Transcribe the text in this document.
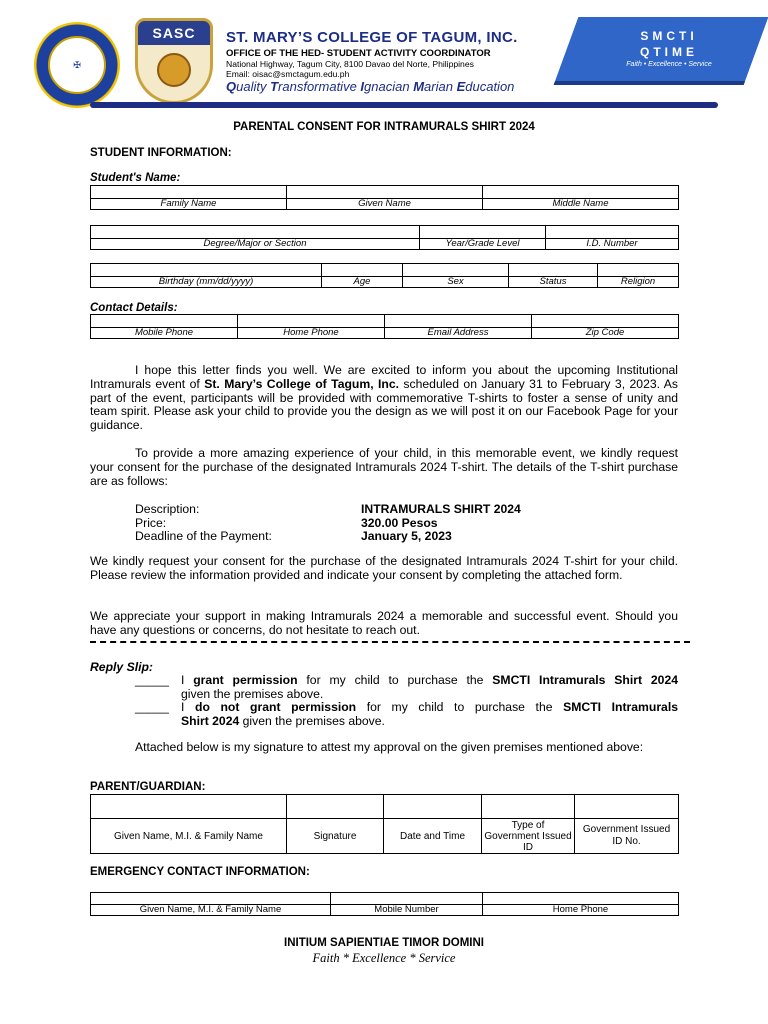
✠
SASC ST. MARY’S COLLEGE OF TAGUM, INC.
OFFICE OF THE HED- STUDENT ACTIVITY COORDINATOR
National Highway, Tagum City, 8100 Davao del Norte, Philippines
Email: oisac@smctagum.edu.ph
Quality Transformative Ignacian Marian Education
SMCTI
QTIME
Faith • Excellence • Service
PARENTAL CONSENT FOR INTRAMURALS SHIRT 2024
STUDENT INFORMATION:
Student's Name:

Family Name	Given Name	Middle Name

Degree/Major or Section	Year/Grade Level	I.D. Number

Birthday (mm/dd/yyyy)	Age	Sex	Status	Religion
Contact Details:

Mobile Phone	Home Phone	Email Address	Zip Code
I hope this letter finds you well. We are excited to inform you about the upcoming Institutional Intramurals event of St. Mary’s College of Tagum, Inc. scheduled on January 31 to February 3, 2023. As part of the event, participants will be provided with commemorative T-shirts to foster a sense of unity and team spirit. Please ask your child to provide you the design as we will post it on our Facebook Page for your guidance.
To provide a more amazing experience of your child, in this memorable event, we kindly request your consent for the purchase of the designated Intramurals 2024 T-shirt. The details of the T-shirt purchase are as follows:
Description:	INTRAMURALS SHIRT 2024
Price:	320.00 Pesos
Deadline of the Payment:	January 5, 2023
We kindly request your consent for the purchase of the designated Intramurals 2024 T-shirt for your child. Please review the information provided and indicate your consent by completing the attached form.
We appreciate your support in making Intramurals 2024 a memorable and successful event. Should you have any questions or concerns, do not hesitate to reach out.
Reply Slip:
_____ I grant permission for my child to purchase the SMCTI Intramurals Shirt 2024
given the premises above.
_____ I do not grant permission for my child to purchase the SMCTI Intramurals
Shirt 2024 given the premises above.
Attached below is my signature to attest my approval on the given premises mentioned above:
PARENT/GUARDIAN:

Given Name, M.I. & Family Name	Signature	Date and Time	Type of Government Issued ID	Government Issued ID No.
EMERGENCY CONTACT INFORMATION:

Given Name, M.I. & Family Name	Mobile Number	Home Phone
INITIUM SAPIENTIAE TIMOR DOMINI
Faith * Excellence * Service
